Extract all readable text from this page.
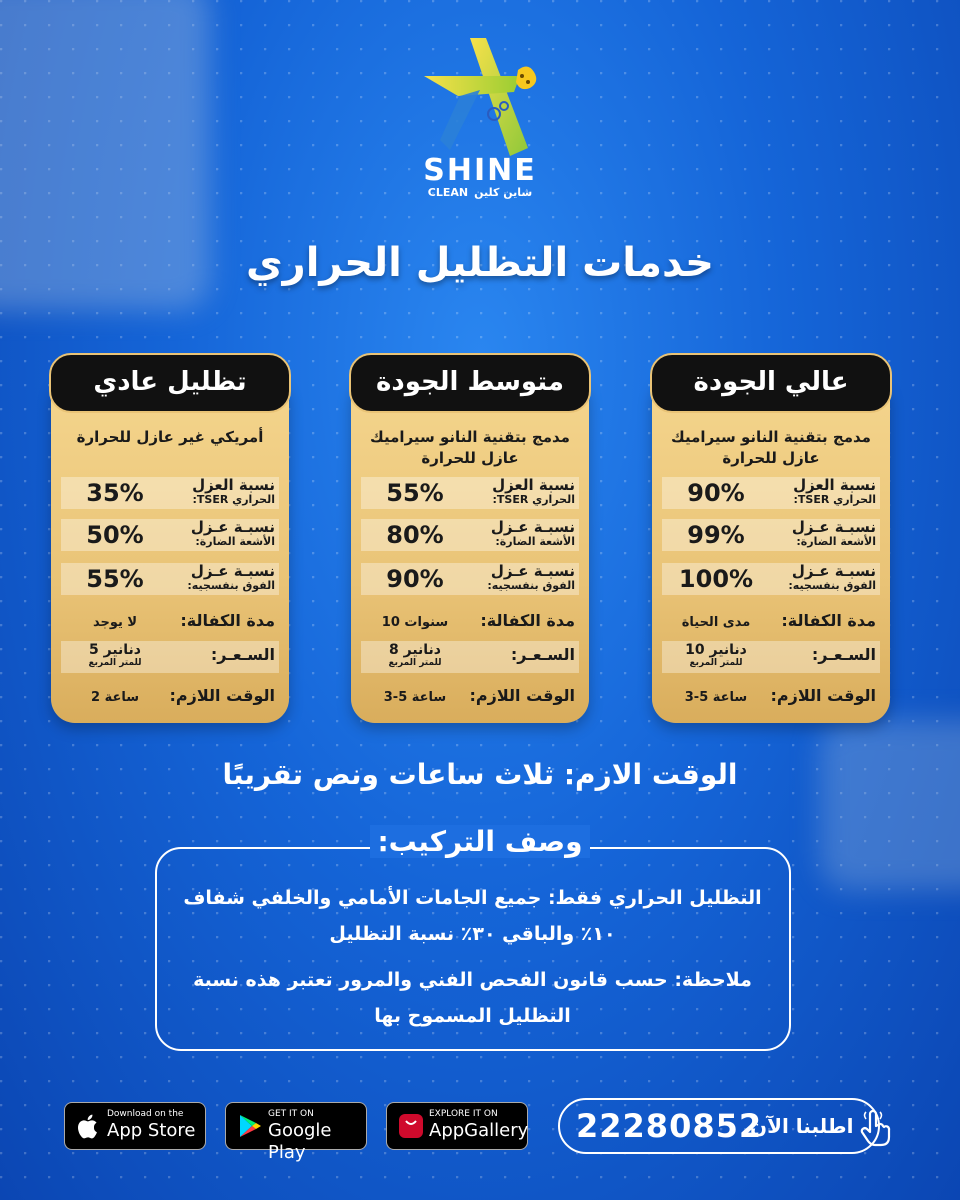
SHINE
CLEAN شاين كلين
خدمات التظليل الحراري
عالي الجودة
مدمج بتقنية النانو سيراميك عازل للحرارة
نسبة العزل
الحراري TSER:
90%
نسبـة عـزل
الأشعة الضارة:
99%
نسبـة عـزل
الفوق بنفسجيه:
100%
مدة الكفالة:
مدى الحياة
السـعـر:
10 دنانير
للمتر المربع
الوقت اللازم:
3-5 ساعة
متوسط الجودة
مدمج بتقنية النانو سيراميك عازل للحرارة
نسبة العزل
الحراري TSER:
55%
نسبـة عـزل
الأشعة الضارة:
80%
نسبـة عـزل
الفوق بنفسجيه:
90%
مدة الكفالة:
10 سنوات
السـعـر:
8 دنانير
للمتر المربع
الوقت اللازم:
3-5 ساعة
تظليل عادي
أمريكي غير عازل للحرارة
نسبة العزل
الحراري TSER:
35%
نسبـة عـزل
الأشعة الضارة:
50%
نسبـة عـزل
الفوق بنفسجيه:
55%
مدة الكفالة:
لا يوجد
السـعـر:
5 دنانير
للمتر المربع
الوقت اللازم:
2 ساعة
الوقت الازم: ثلاث ساعات ونص تقريبًا
وصف التركيب:
التظليل الحراري فقط: جميع الجامات الأمامي والخلفي شفاف
١٠٪ والباقي ٣٠٪ نسبة التظليل
ملاحظة: حسب قانون الفحص الفني والمرور تعتبر هذه نسبة
التظليل المسموح بها
Download on the
App Store
GET IT ON
Google Play
EXPLORE IT ON
AppGallery 22280852
اطلبنا الآن
